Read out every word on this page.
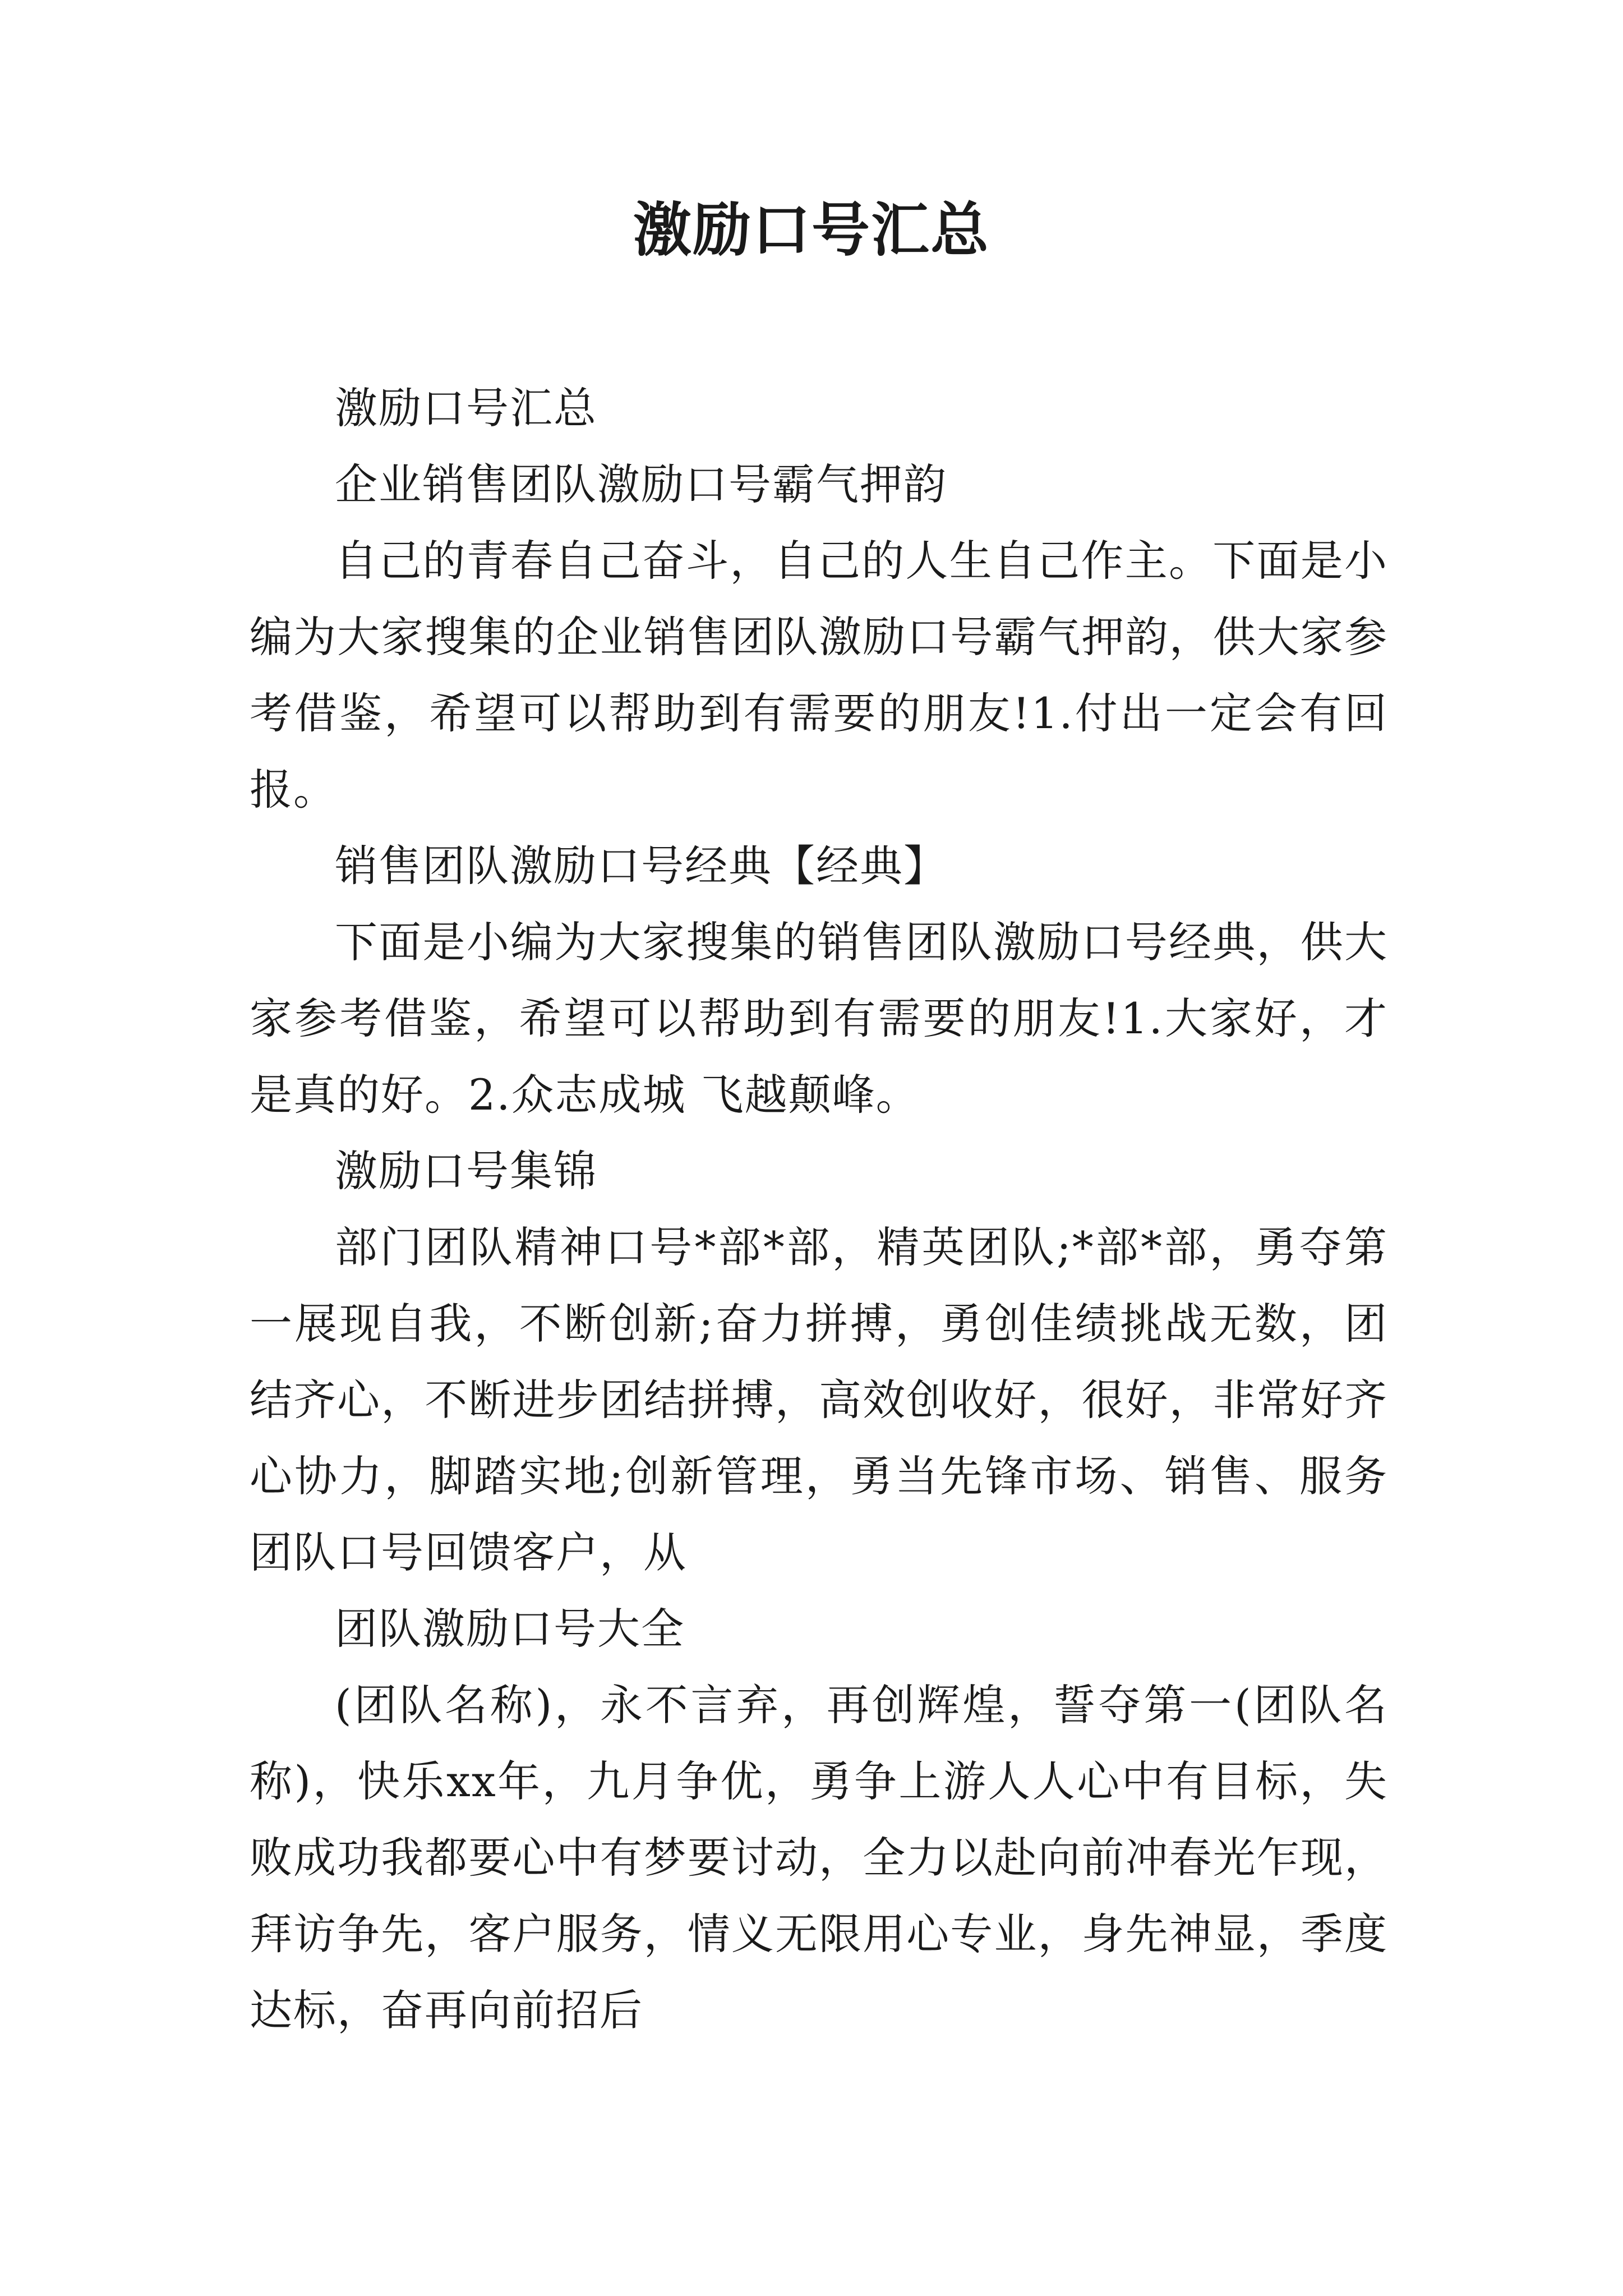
激励口号汇总

激励口号汇总

企业销售团队激励口号霸气押韵

自己的青春自己奋斗，自己的人生自己作主。下面是小编为大家搜集的企业销售团队激励口号霸气押韵，供大家参考借鉴，希望可以帮助到有需要的朋友!1.付出一定会有回报。

销售团队激励口号经典【经典】

下面是小编为大家搜集的销售团队激励口号经典，供大家参考借鉴，希望可以帮助到有需要的朋友!1.大家好，才是真的好。2.众志成城 飞越颠峰。

激励口号集锦

部门团队精神口号*部*部，精英团队;*部*部，勇夺第一展现自我，不断创新;奋力拼搏，勇创佳绩挑战无数，团结齐心，不断进步团结拼搏，高效创收好，很好，非常好齐心协力，脚踏实地;创新管理，勇当先锋市场、销售、服务团队口号回馈客户，从

团队激励口号大全

(团队名称)，永不言弃，再创辉煌，誓夺第一(团队名称)，快乐xx年，九月争优，勇争上游人人心中有目标，失败成功我都要心中有梦要讨动，全力以赴向前冲春光乍现，拜访争先，客户服务，情义无限用心专业，身先神显，季度达标，奋再向前招后
